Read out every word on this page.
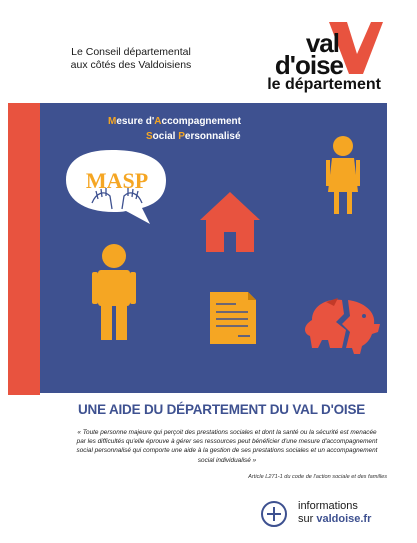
Le Conseil départemental
aux côtés des Valdoisiens
val
d'oise
le département
Mesure d'Accompagnement
Social Personnalisé
MASP
UNE AIDE DU DÉPARTEMENT DU VAL D'OISE
« Toute personne majeure qui perçoit des prestations sociales et dont la santé ou la sécurité est menacée par les difficultés qu'elle éprouve à gérer ses ressources peut bénéficier d'une mesure d'accompagnement social personnalisé qui comporte une aide à la gestion de ses prestations sociales et un accompagnement social individualisé »
Article L271-1 du code de l'action sociale et des familles
informations
sur valdoise.fr
